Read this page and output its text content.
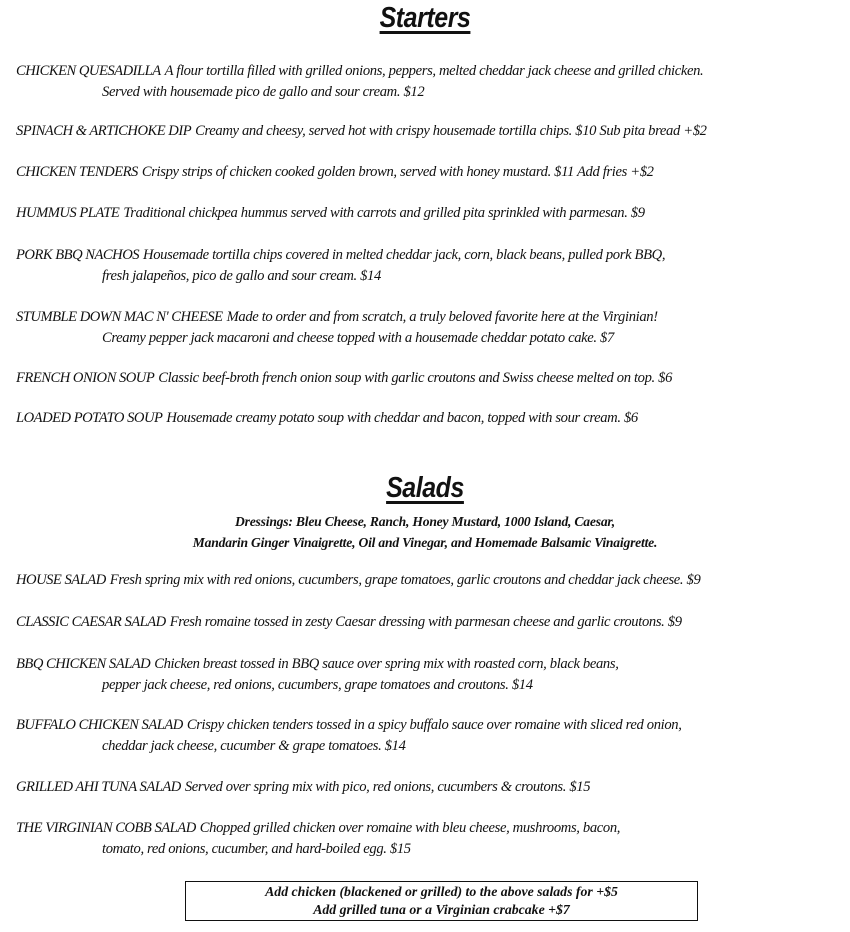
Starters
CHICKEN QUESADILLA A flour tortilla filled with grilled onions, peppers, melted cheddar jack cheese and grilled chicken.
Served with housemade pico de gallo and sour cream. $12
SPINACH & ARTICHOKE DIP Creamy and cheesy, served hot with crispy housemade tortilla chips. $10 Sub pita bread +$2
CHICKEN TENDERS Crispy strips of chicken cooked golden brown, served with honey mustard. $11 Add fries +$2
HUMMUS PLATE Traditional chickpea hummus served with carrots and grilled pita sprinkled with parmesan. $9
PORK BBQ NACHOS Housemade tortilla chips covered in melted cheddar jack, corn, black beans, pulled pork BBQ,
fresh jalapeños, pico de gallo and sour cream. $14
STUMBLE DOWN MAC N' CHEESE Made to order and from scratch, a truly beloved favorite here at the Virginian!
Creamy pepper jack macaroni and cheese topped with a housemade cheddar potato cake. $7
FRENCH ONION SOUP Classic beef-broth french onion soup with garlic croutons and Swiss cheese melted on top. $6
LOADED POTATO SOUP Housemade creamy potato soup with cheddar and bacon, topped with sour cream. $6
Salads
Dressings: Bleu Cheese, Ranch, Honey Mustard, 1000 Island, Caesar,
Mandarin Ginger Vinaigrette, Oil and Vinegar, and Homemade Balsamic Vinaigrette.
HOUSE SALAD Fresh spring mix with red onions, cucumbers, grape tomatoes, garlic croutons and cheddar jack cheese. $9
CLASSIC CAESAR SALAD Fresh romaine tossed in zesty Caesar dressing with parmesan cheese and garlic croutons. $9
BBQ CHICKEN SALAD Chicken breast tossed in BBQ sauce over spring mix with roasted corn, black beans,
pepper jack cheese, red onions, cucumbers, grape tomatoes and croutons. $14
BUFFALO CHICKEN SALAD Crispy chicken tenders tossed in a spicy buffalo sauce over romaine with sliced red onion,
cheddar jack cheese, cucumber & grape tomatoes. $14
GRILLED AHI TUNA SALAD Served over spring mix with pico, red onions, cucumbers & croutons. $15
THE VIRGINIAN COBB SALAD Chopped grilled chicken over romaine with bleu cheese, mushrooms, bacon,
tomato, red onions, cucumber, and hard-boiled egg. $15
Add chicken (blackened or grilled) to the above salads for +$5
Add grilled tuna or a Virginian crabcake +$7
